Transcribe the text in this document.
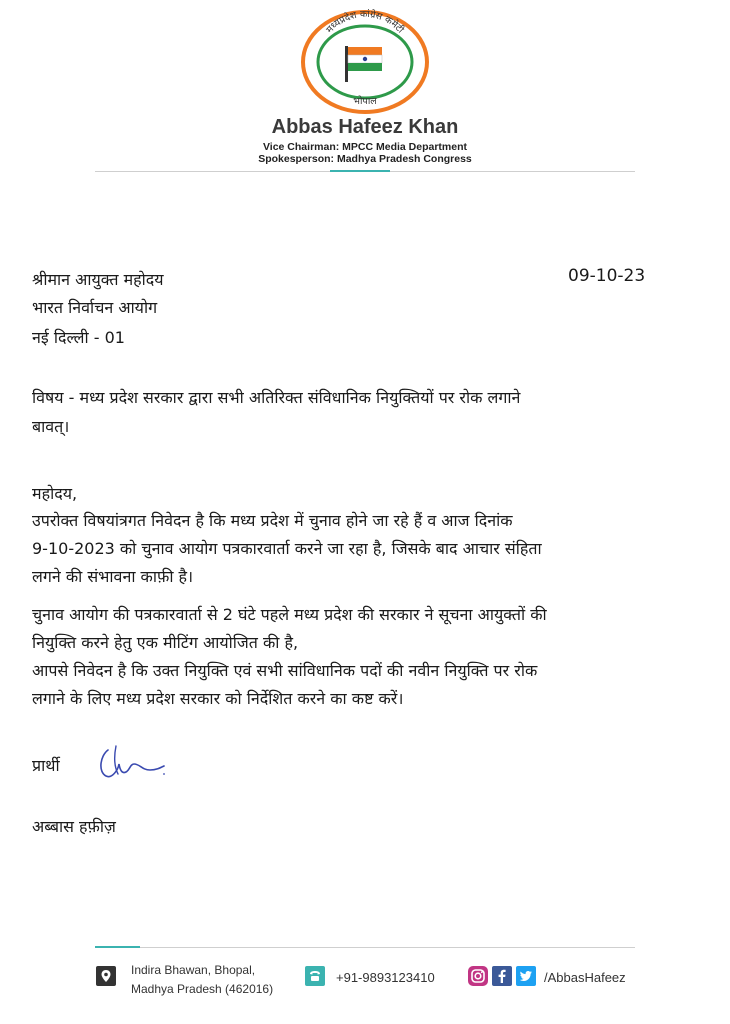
मध्यप्रदेश कांग्रेस कमेटी
भोपाल
Abbas Hafeez Khan
Vice Chairman: MPCC Media Department
Spokesperson: Madhya Pradesh Congress
श्रीमान आयुक्त महोदय
भारत निर्वाचन आयोग
नई दिल्ली - 01
09-10-23
विषय - मध्य प्रदेश सरकार द्वारा सभी अतिरिक्त संविधानिक नियुक्तियों पर रोक लगाने
बावत्।
महोदय,
उपरोक्त विषयांत्रगत निवेदन है कि मध्य प्रदेश में चुनाव होने जा रहे हैं व आज दिनांक
9-10-2023 को चुनाव आयोग पत्रकारवार्ता करने जा रहा है, जिसके बाद आचार संहिता
लगने की संभावना काफ़ी है।
चुनाव आयोग की पत्रकारवार्ता से 2 घंटे पहले मध्य प्रदेश की सरकार ने सूचना आयुक्तों की
नियुक्ति करने हेतु एक मीटिंग आयोजित की है,
आपसे निवेदन है कि उक्त नियुक्ति एवं सभी सांविधानिक पदों की नवीन नियुक्ति पर रोक
लगाने के लिए मध्य प्रदेश सरकार को निर्देशित करने का कष्ट करें।
प्रार्थी
अब्बास हफ़ीज़
Indira Bhawan, Bhopal,
Madhya Pradesh (462016)
+91-9893123410	/AbbasHafeez
